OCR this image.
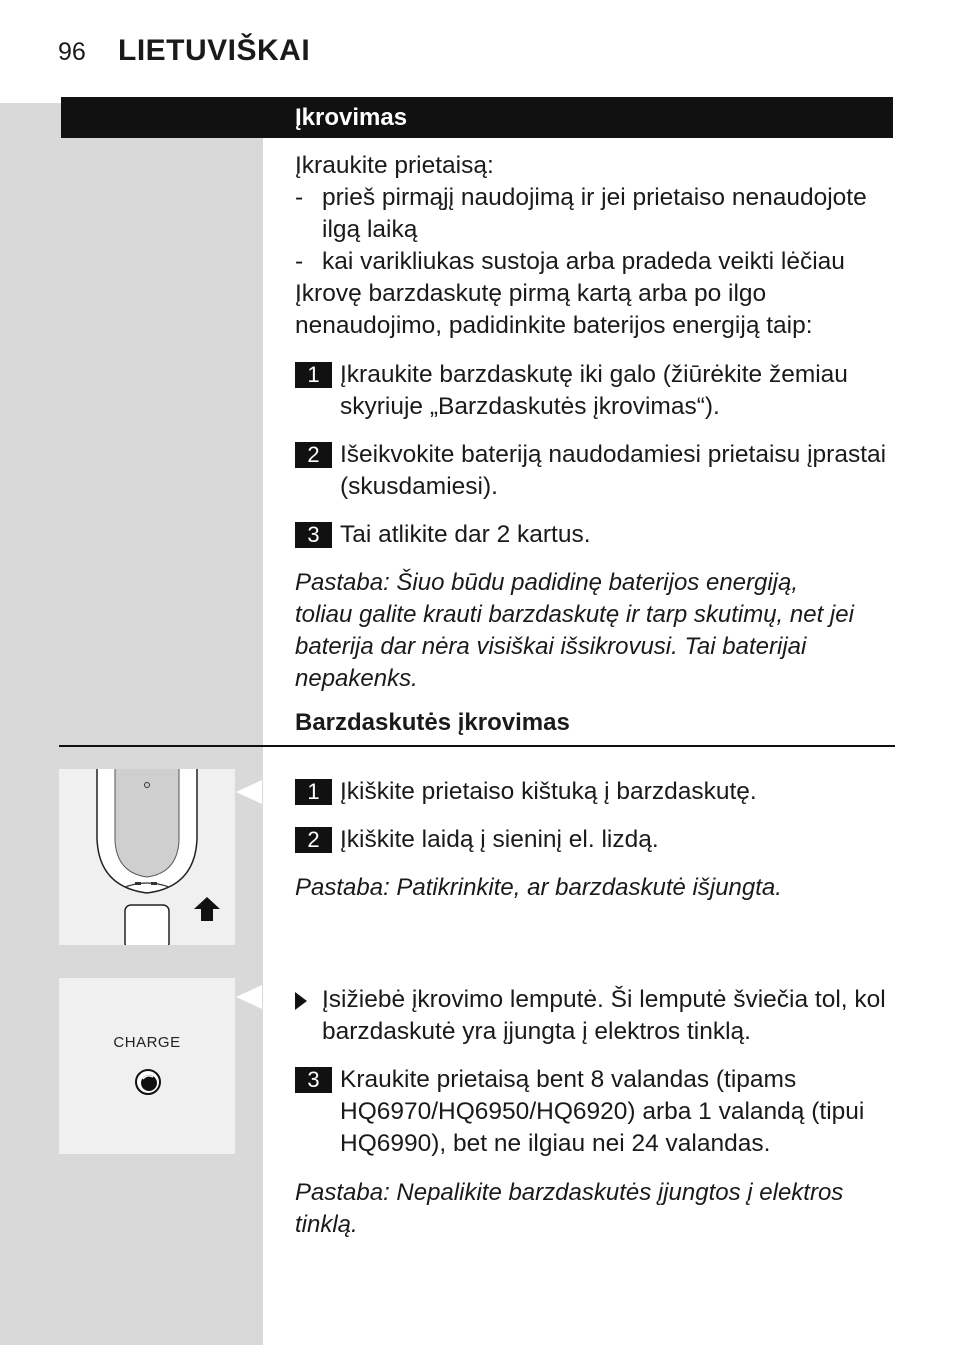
96 LIETUVIŠKAI
Įkrovimas

Įkraukite prietaisą:

- prieš pirmąjį naudojimą ir jei prietaiso nenaudojote ilgą laiką
- kai varikliukas sustoja arba pradeda veikti lėčiau

Įkrovę barzdaskutę pirmą kartą arba po ilgo nenaudojimo, padidinkite baterijos energiją taip:

1 Įkraukite barzdaskutę iki galo (žiūrėkite žemiau skyriuje „Barzdaskutės įkrovimas“).

2 Išeikvokite bateriją naudodamiesi prietaisu įprastai (skusdamiesi).

3 Tai atlikite dar 2 kartus.

Pastaba: Šiuo būdu padidinę baterijos energiją, toliau galite krauti barzdaskutę ir tarp skutimų, net jei baterija dar nėra visiškai išsikrovusi. Tai baterijai nepakenks.

Barzdaskutės įkrovimas

1 Įkiškite prietaiso kištuką į barzdaskutę.

2 Įkiškite laidą į sieninį el. lizdą.

Pastaba: Patikrinkite, ar barzdaskutė išjungta.

CHARGE

Įsižiebė įkrovimo lemputė. Ši lemputė šviečia tol, kol barzdaskutė yra įjungta į elektros tinklą.

3 Kraukite prietaisą bent 8 valandas (tipams HQ6970/HQ6950/HQ6920) arba 1 valandą (tipui HQ6990), bet ne ilgiau nei 24 valandas.

Pastaba: Nepalikite barzdaskutės įjungtos į elektros tinklą.
